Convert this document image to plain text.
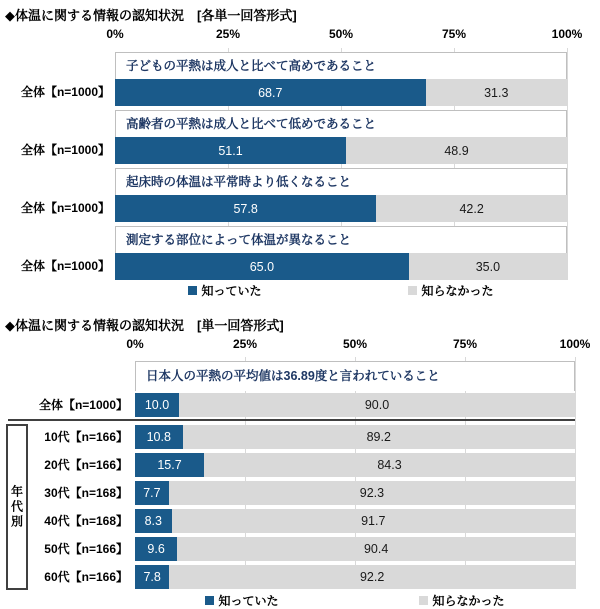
◆体温に関する情報の認知状況　[各単一回答形式]
0%	25%	50%	75%	100%
子どもの平熱は成人と比べて高めであること
全体【n=1000】	68.7	31.3
高齢者の平熱は成人と比べて低めであること
全体【n=1000】	51.1	48.9
起床時の体温は平常時より低くなること
全体【n=1000】	57.8	42.2
測定する部位によって体温が異なること
全体【n=1000】	65.0	35.0
知っていた	知らなかった
◆体温に関する情報の認知状況　[単一回答形式]
0%	25%	50%	75%	100%
日本人の平熱の平均値は36.89度と言われていること
全体【n=1000】	10.0	90.0
10代【n=166】	10.8	89.2
20代【n=166】	15.7	84.3
30代【n=168】	7.7	92.3
40代【n=168】	8.3	91.7
50代【n=166】	9.6	90.4
60代【n=166】	7.8	92.2
年代別
知っていた	知らなかった
